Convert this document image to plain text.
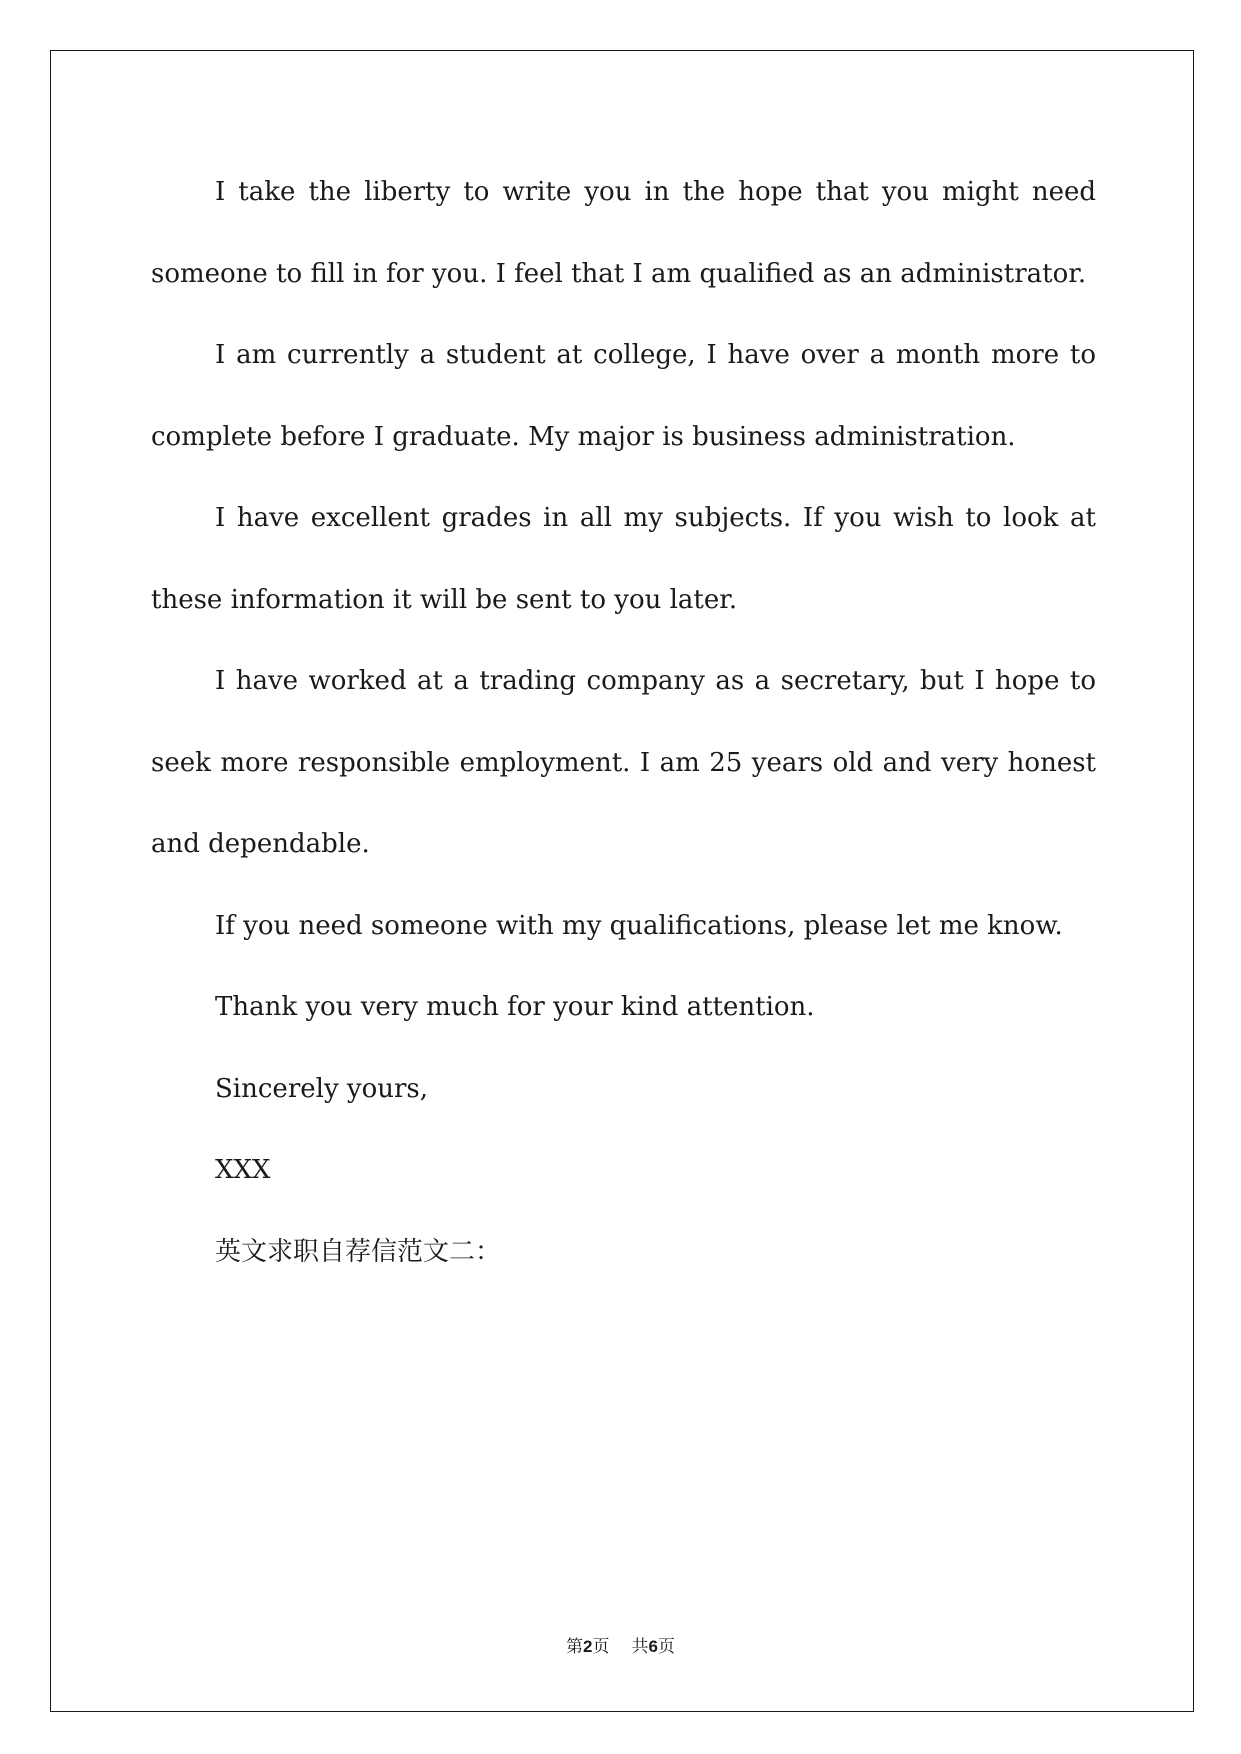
I take the liberty to write you in the hope that you might need someone to fill in for you. I feel that I am qualified as an administrator.

I am currently a student at college, I have over a month more to complete before I graduate. My major is business administration.

I have excellent grades in all my subjects. If you wish to look at these information it will be sent to you later.

I have worked at a trading company as a secretary, but I hope to seek more responsible employment. I am 25 years old and very honest and dependable.

If you need someone with my qualifications, please let me know.

Thank you very much for your kind attention.

Sincerely yours,

XXX

英文求职自荐信范文二：

第2页 共6页
